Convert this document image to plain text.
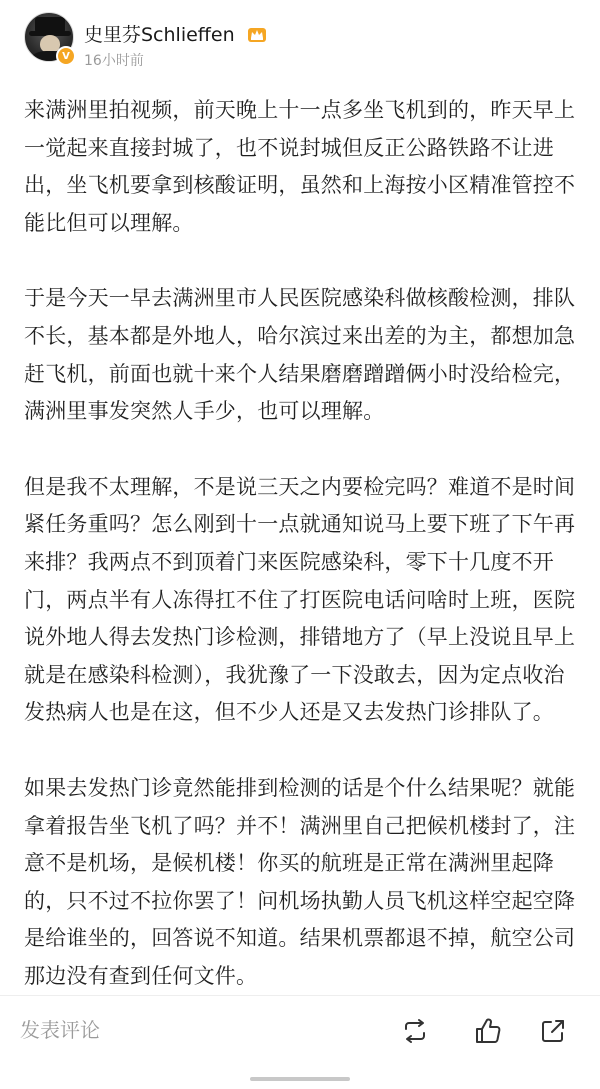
V
史里芬Schlieffen
16小时前

来满洲里拍视频，前天晚上十一点多坐飞机到的，昨天早上一觉起来直接封城了，也不说封城但反正公路铁路不让进出，坐飞机要拿到核酸证明，虽然和上海按小区精准管控不能比但可以理解。

于是今天一早去满洲里市人民医院感染科做核酸检测，排队不长，基本都是外地人，哈尔滨过来出差的为主，都想加急赶飞机，前面也就十来个人结果磨磨蹭蹭俩小时没给检完，满洲里事发突然人手少，也可以理解。

但是我不太理解，不是说三天之内要检完吗？难道不是时间紧任务重吗？怎么刚到十一点就通知说马上要下班了下午再来排？我两点不到顶着门来医院感染科，零下十几度不开门，两点半有人冻得扛不住了打医院电话问啥时上班，医院说外地人得去发热门诊检测，排错地方了（早上没说且早上就是在感染科检测），我犹豫了一下没敢去，因为定点收治发热病人也是在这，但不少人还是又去发热门诊排队了。

如果去发热门诊竟然能排到检测的话是个什么结果呢？就能拿着报告坐飞机了吗？并不！满洲里自己把候机楼封了，注意不是机场，是候机楼！你买的航班是正常在满洲里起降的，只不过不拉你罢了！问机场执勤人员飞机这样空起空降是给谁坐的，回答说不知道。结果机票都退不掉，航空公司那边没有查到任何文件。

发表评论
